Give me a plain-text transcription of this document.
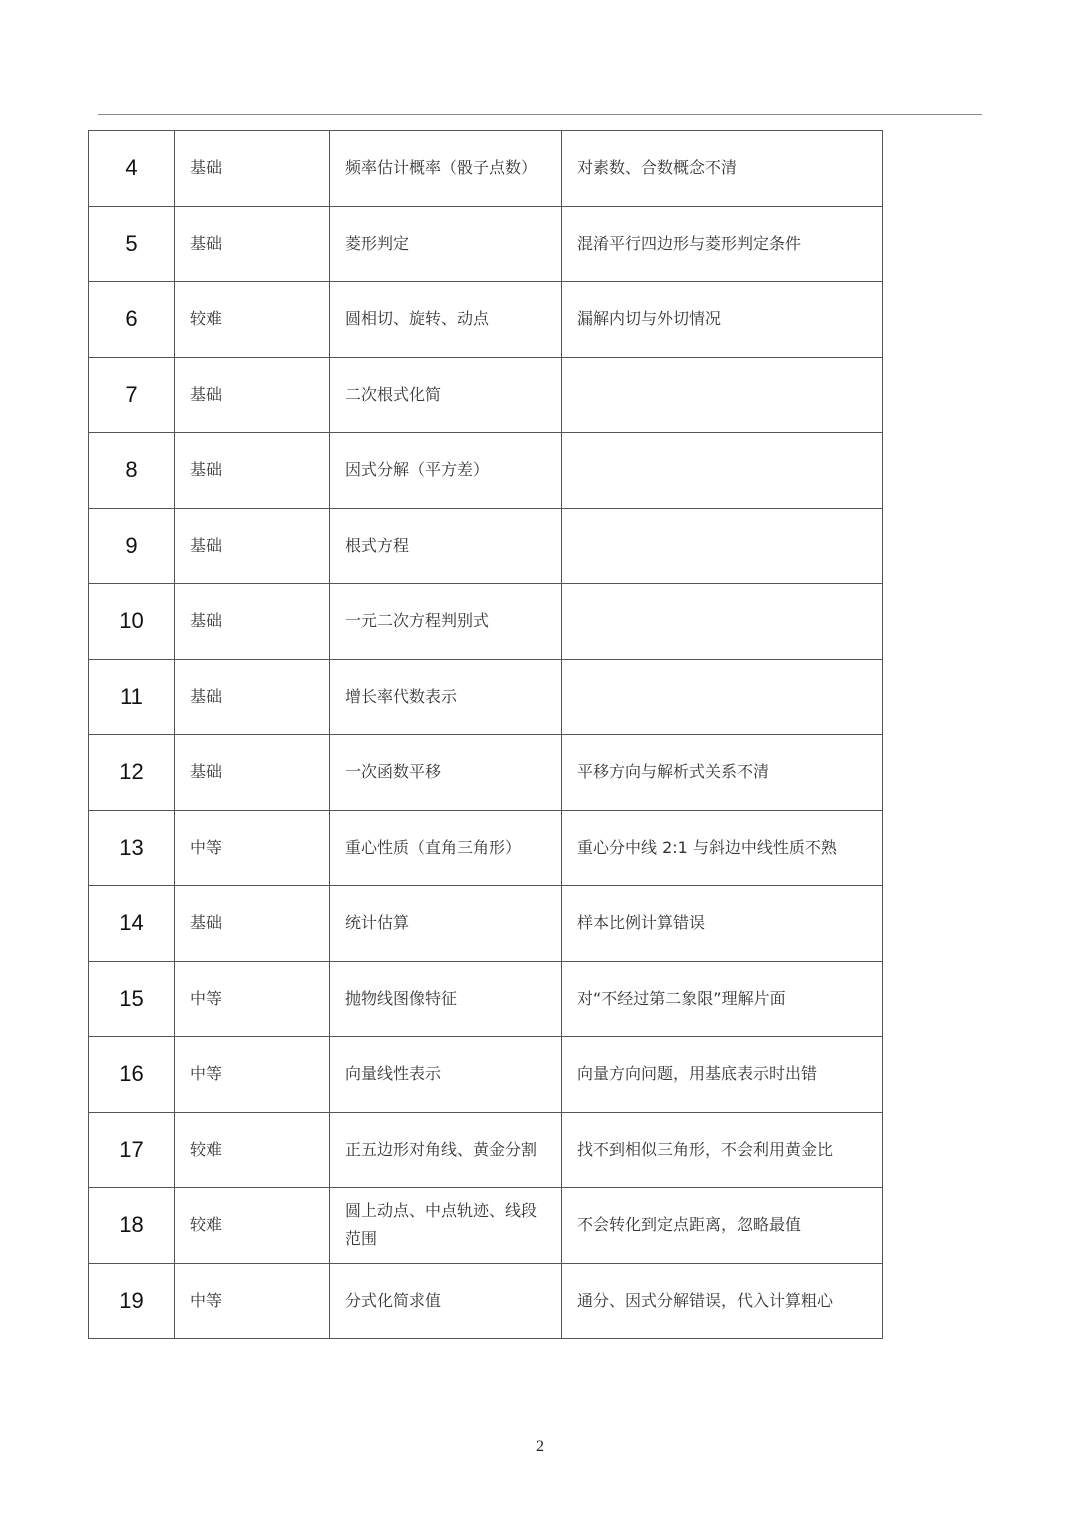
4	基础	频率估计概率（骰子点数）	对素数、合数概念不清
5	基础	菱形判定	混淆平行四边形与菱形判定条件
6	较难	圆相切、旋转、动点	漏解内切与外切情况
7	基础	二次根式化简	
8	基础	因式分解（平方差）	
9	基础	根式方程	
10	基础	一元二次方程判别式	
11	基础	增长率代数表示	
12	基础	一次函数平移	平移方向与解析式关系不清
13	中等	重心性质（直角三角形）	重心分中线 2:1 与斜边中线性质不熟
14	基础	统计估算	样本比例计算错误
15	中等	抛物线图像特征	对“不经过第二象限”理解片面
16	中等	向量线性表示	向量方向问题，用基底表示时出错
17	较难	正五边形对角线、黄金分割	找不到相似三角形，不会利用黄金比
18	较难	圆上动点、中点轨迹、线段范围	不会转化到定点距离，忽略最值
19	中等	分式化简求值	通分、因式分解错误，代入计算粗心
2
